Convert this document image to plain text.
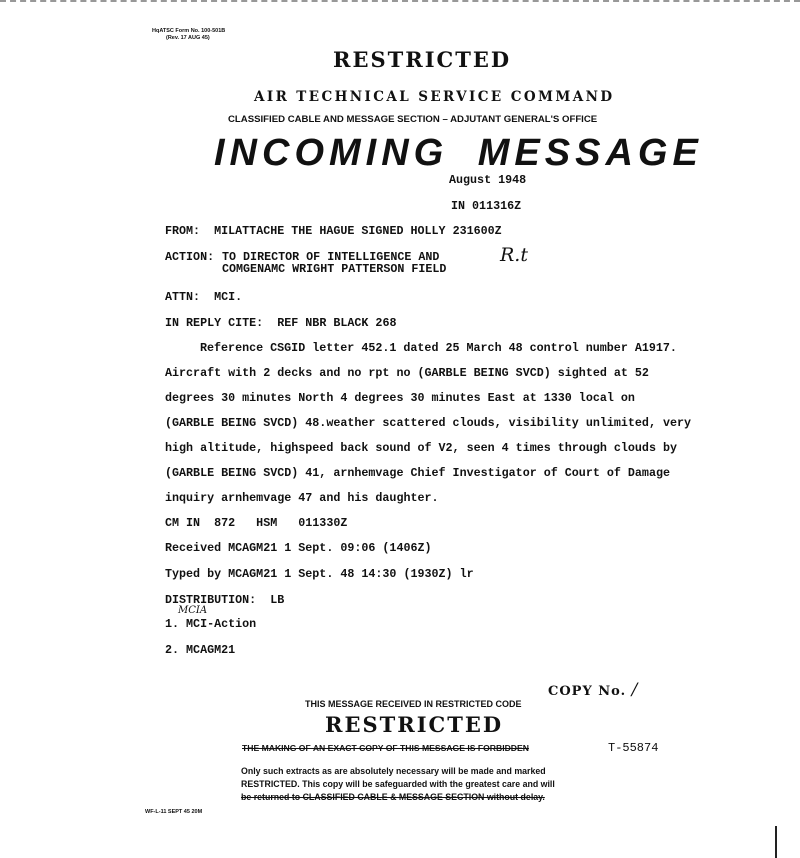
HqATSC Form No. 100-501B
(Rev. 17 AUG 45)
RESTRICTED
AIR TECHNICAL SERVICE COMMAND
CLASSIFIED CABLE AND MESSAGE SECTION – ADJUTANT GENERAL'S OFFICE
INCOMING MESSAGE
August 1948
IN 011316Z
FROM: MILATTACHE THE HAGUE SIGNED HOLLY 231600Z
ACTION: TO DIRECTOR OF INTELLIGENCE AND
COMGENAMC WRIGHT PATTERSON FIELD
R.t
ATTN: MCI.
IN REPLY CITE: REF NBR BLACK 268
Reference CSGID letter 452.1 dated 25 March 48 control number A1917.
Aircraft with 2 decks and no rpt no (GARBLE BEING SVCD) sighted at 52
degrees 30 minutes North 4 degrees 30 minutes East at 1330 local on
(GARBLE BEING SVCD) 48.weather scattered clouds, visibility unlimited, very
high altitude, highspeed back sound of V2, seen 4 times through clouds by
(GARBLE BEING SVCD) 41, arnhemvage Chief Investigator of Court of Damage
inquiry arnhemvage 47 and his daughter.
CM IN  872   HSM   011330Z
Received MCAGM21 1 Sept. 09:06 (1406Z)
Typed by MCAGM21 1 Sept. 48 14:30 (1930Z) lr
DISTRIBUTION:  LB
MCIA
1. MCI-Action
2. MCAGM21
COPY No. /
THIS MESSAGE RECEIVED IN RESTRICTED CODE
RESTRICTED
THE MAKING OF AN EXACT COPY OF THIS MESSAGE IS FORBIDDEN	T-55874
Only such extracts as are absolutely necessary will be made and marked
RESTRICTED. This copy will be safeguarded with the greatest care and will
be returned to CLASSIFIED CABLE & MESSAGE SECTION without delay.
WF-L-11 SEPT 45 20M
